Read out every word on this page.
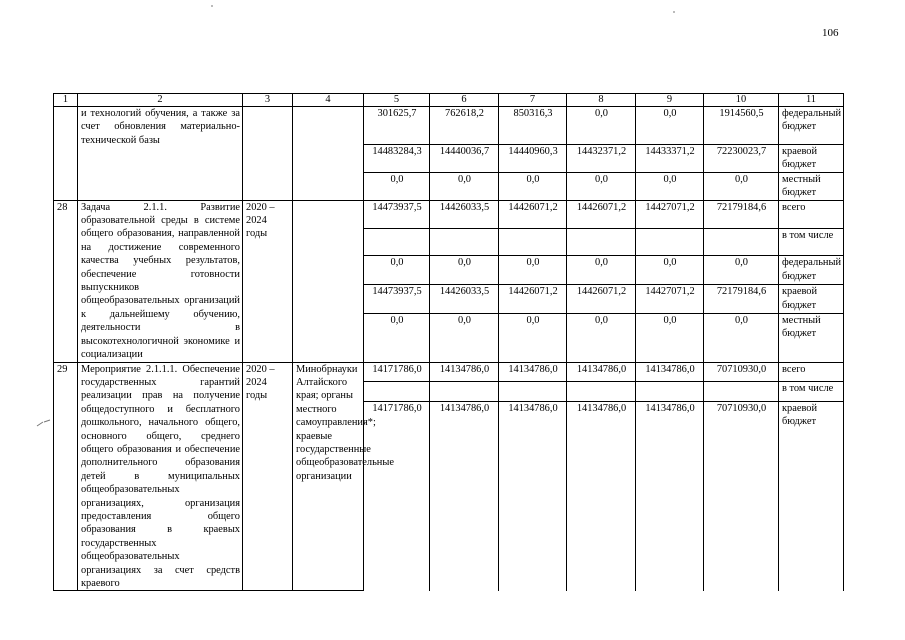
106
1	2	3	4	5	6	7	8	9	10	11
	и технологий обучения, а также за счет обновления материально-технической базы			301625,7	762618,2	850316,3	0,0	0,0	1914560,5	федеральный бюджет
				14483284,3	14440036,7	14440960,3	14432371,2	14433371,2	72230023,7	краевой бюджет
				0,0	0,0	0,0	0,0	0,0	0,0	местный бюджет
28	Задача 2.1.1. Развитие образовательной среды в системе общего образования, направленной на достижение современного качества учебных результатов, обеспечение готовности выпускников общеобразовательных организаций к дальнейшему обучению, деятельности в высокотехнологичной экономике и социализации	2020 – 2024 годы		14473937,5	14426033,5	14426071,2	14426071,2	14427071,2	72179184,6	всего
										в том числе
				0,0	0,0	0,0	0,0	0,0	0,0	федеральный бюджет
				14473937,5	14426033,5	14426071,2	14426071,2	14427071,2	72179184,6	краевой бюджет
				0,0	0,0	0,0	0,0	0,0	0,0	местный бюджет
29	Мероприятие 2.1.1.1. Обеспечение государственных гарантий реализации прав на получение общедоступного и бесплатного дошкольного, начального общего, основного общего, среднего общего образования и обеспечение дополнительного образования детей в муниципальных общеобразовательных организациях, организация предоставления общего образования в краевых государственных общеобразовательных организациях за счет средств краевого	2020 – 2024 годы	Минобрнауки Алтайского края; органы местного самоуправления*; краевые государственные общеобразовательные организации	14171786,0	14134786,0	14134786,0	14134786,0	14134786,0	70710930,0	всего
										в том числе
				14171786,0	14134786,0	14134786,0	14134786,0	14134786,0	70710930,0	краевой бюджет
